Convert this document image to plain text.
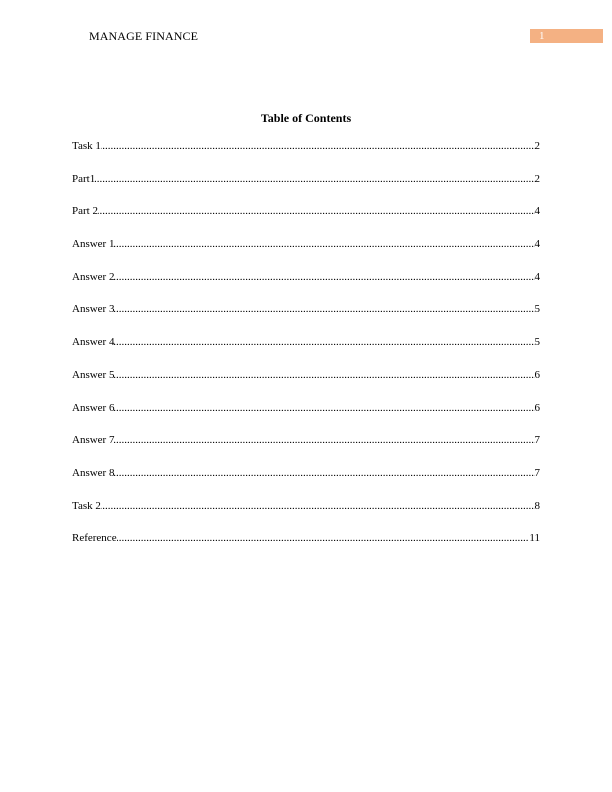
MANAGE FINANCE	1
Table of Contents
.....
Task 1	2
.....
Part1	2
.....
Part 2	4
.....
Answer 1	4
.....
Answer 2	4
.....
Answer 3	5
.....
Answer 4	5
.....
Answer 5	6
.....
Answer 6	6
.....
Answer 7	7
.....
Answer 8	7
.....
Task 2	8
.....
Reference	11
